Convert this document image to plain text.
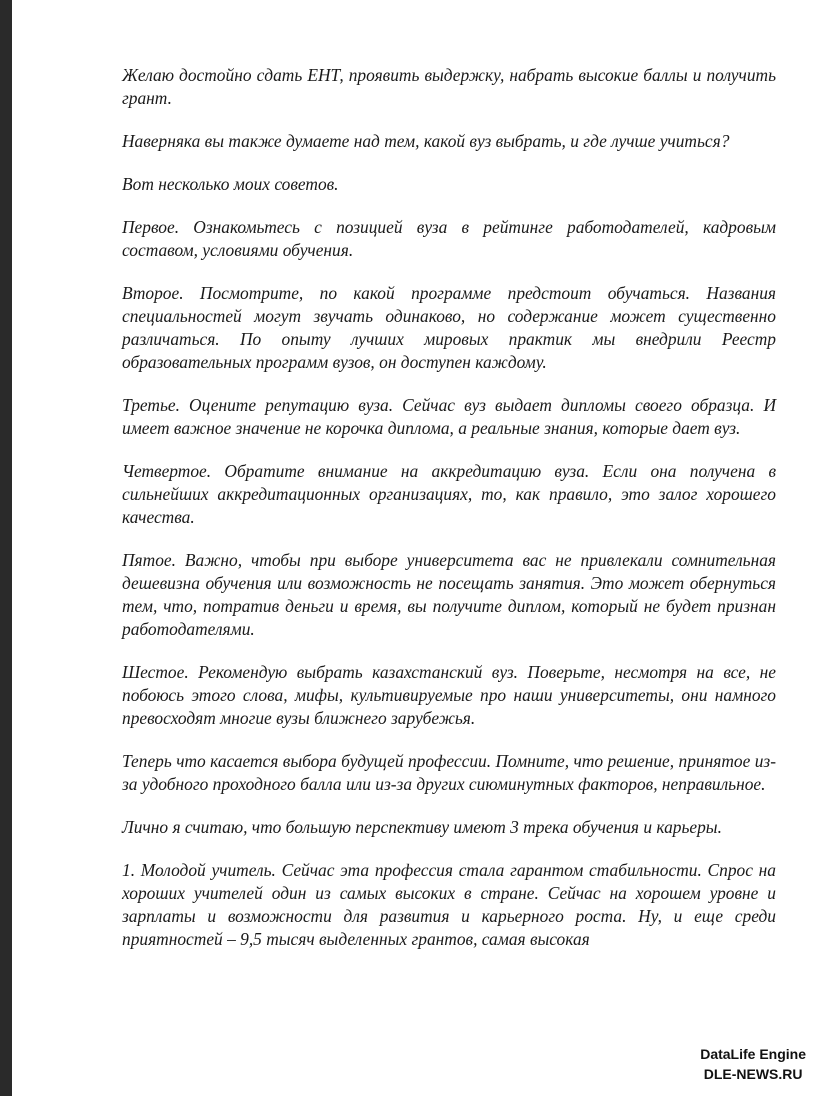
Желаю достойно сдать ЕНТ, проявить выдержку, набрать высокие баллы и получить грант.

Наверняка вы также думаете над тем, какой вуз выбрать, и где лучше учиться?

Вот несколько моих советов.

Первое. Ознакомьтесь с позицией вуза в рейтинге работодателей, кадровым составом, условиями обучения.

Второе. Посмотрите, по какой программе предстоит обучаться. Названия специальностей могут звучать одинаково, но содержание может существенно различаться. По опыту лучших мировых практик мы внедрили Реестр образовательных программ вузов, он доступен каждому.

Третье. Оцените репутацию вуза. Сейчас вуз выдает дипломы своего образца. И имеет важное значение не корочка диплома, а реальные знания, которые дает вуз.

Четвертое. Обратите внимание на аккредитацию вуза. Если она получена в сильнейших аккредитационных организациях, то, как правило, это залог хорошего качества.

Пятое. Важно, чтобы при выборе университета вас не привлекали сомнительная дешевизна обучения или возможность не посещать занятия. Это может обернуться тем, что, потратив деньги и время, вы получите диплом, который не будет признан работодателями.

Шестое. Рекомендую выбрать казахстанский вуз. Поверьте, несмотря на все, не побоюсь этого слова, мифы, культивируемые про наши университеты, они намного превосходят многие вузы ближнего зарубежья.

Теперь что касается выбора будущей профессии. Помните, что решение, принятое из-за удобного проходного балла или из-за других сиюминутных факторов, неправильное.

Лично я считаю, что большую перспективу имеют 3 трека обучения и карьеры.

1. Молодой учитель. Сейчас эта профессия стала гарантом стабильности. Спрос на хороших учителей один из самых высоких в стране. Сейчас на хорошем уровне и зарплаты и возможности для развития и карьерного роста. Ну, и еще среди приятностей – 9,5 тысяч выделенных грантов, самая высокая

DataLife Engine
DLE-NEWS.RU
